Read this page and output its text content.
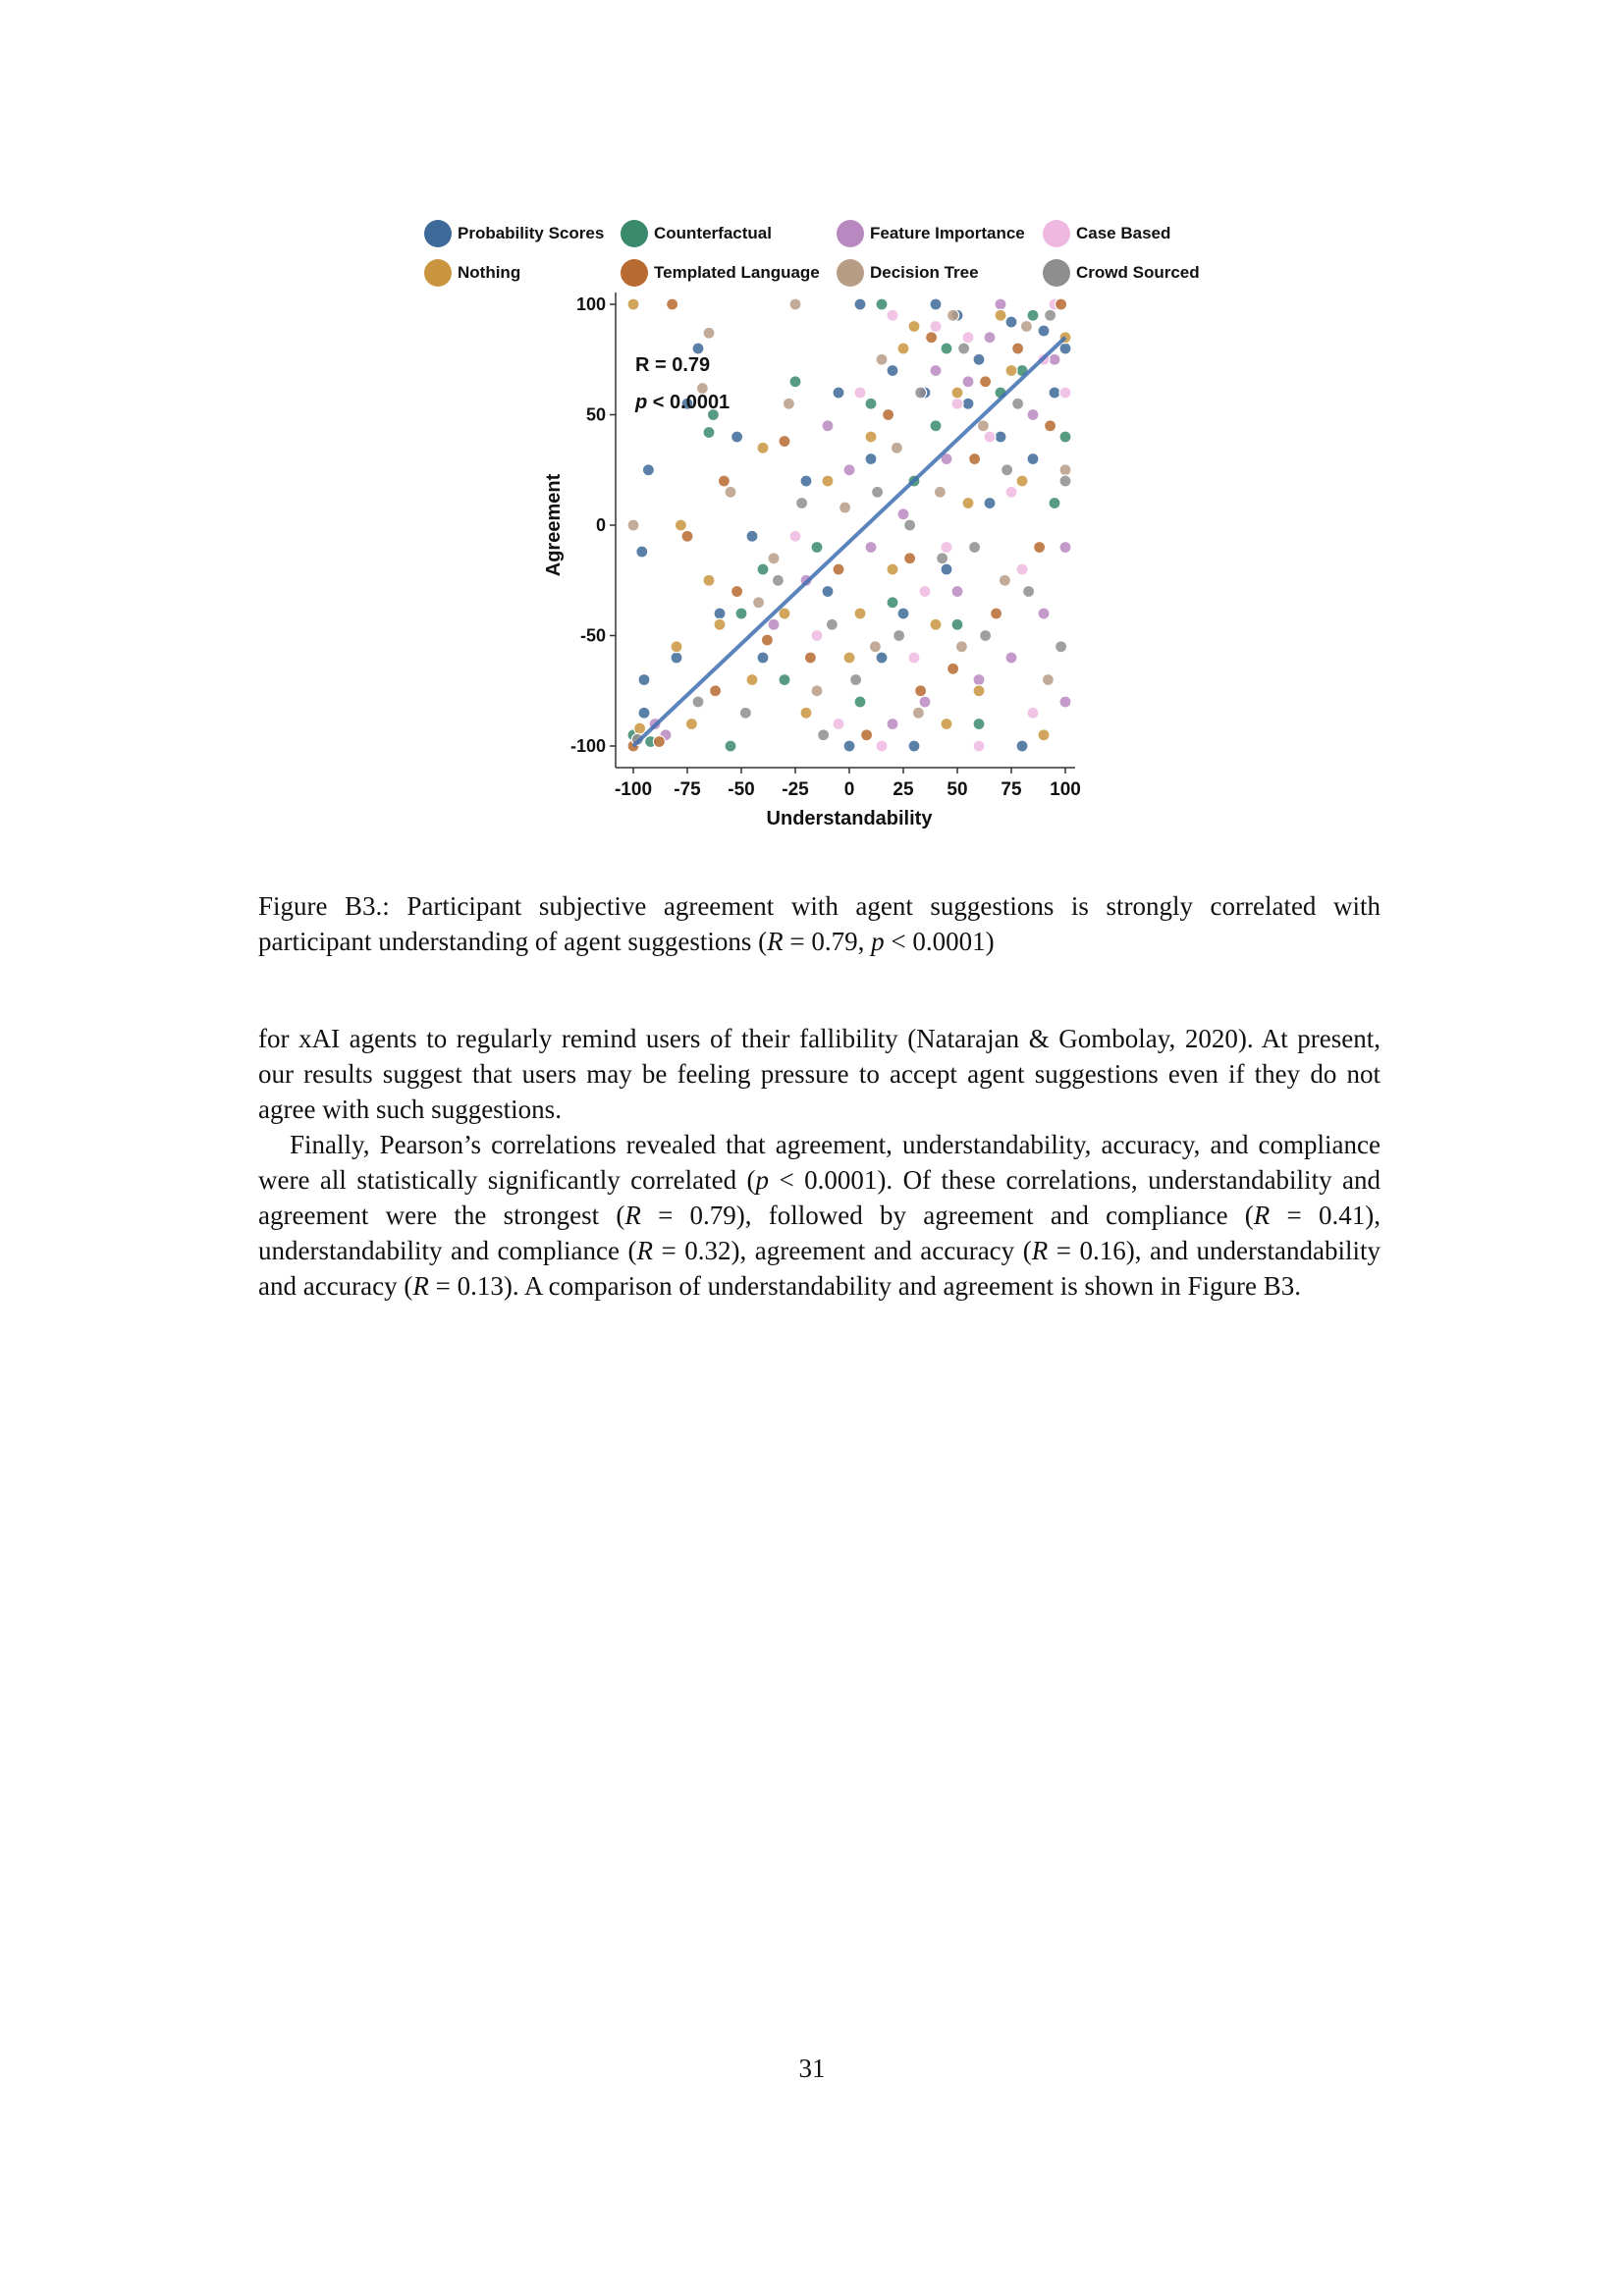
Probability Scores	Counterfactual	Feature Importance	Case Based
Nothing	Templated Language	Decision Tree	Crowd Sourced
100
50
0
-50
-100
-100 -75 -50 -25 0 25 50 75 100
Understandability
Agreement
R = 0.79
p < 0.0001
Figure B3.: Participant subjective agreement with agent suggestions is strongly correlated with participant understanding of agent suggestions (R = 0.79, p < 0.0001)

for xAI agents to regularly remind users of their fallibility (Natarajan & Gombolay, 2020). At present, our results suggest that users may be feeling pressure to accept agent suggestions even if they do not agree with such suggestions.

Finally, Pearson’s correlations revealed that agreement, understandability, accuracy, and compliance were all statistically significantly correlated (p < 0.0001). Of these correlations, understandability and agreement were the strongest (R = 0.79), followed by agreement and compliance (R = 0.41), understandability and compliance (R = 0.32), agreement and accuracy (R = 0.16), and understandability and accuracy (R = 0.13). A comparison of understandability and agreement is shown in Figure B3.

31
